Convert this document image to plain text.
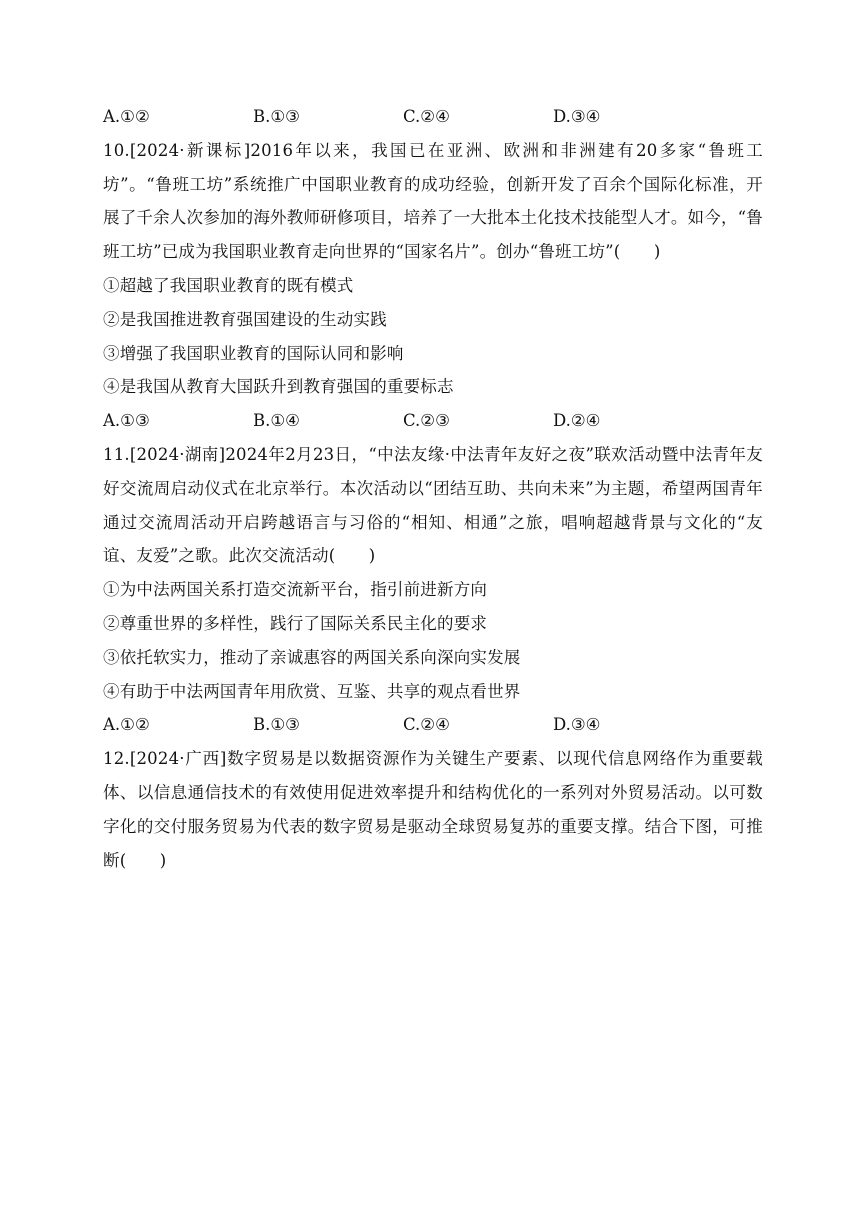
A.①②	B.①③	C.②④	D.③④
10.[2024·新课标]2016年以来，我国已在亚洲、欧洲和非洲建有20多家“鲁班工坊”。“鲁班工坊”系统推广中国职业教育的成功经验，创新开发了百余个国际化标准，开展了千余人次参加的海外教师研修项目，培养了一大批本土化技术技能型人才。如今，“鲁班工坊”已成为我国职业教育走向世界的“国家名片”。创办“鲁班工坊”(　　)
①超越了我国职业教育的既有模式
②是我国推进教育强国建设的生动实践
③增强了我国职业教育的国际认同和影响
④是我国从教育大国跃升到教育强国的重要标志
A.①③	B.①④	C.②③	D.②④
11.[2024·湖南]2024年2月23日，“中法友缘·中法青年友好之夜”联欢活动暨中法青年友好交流周启动仪式在北京举行。本次活动以“团结互助、共向未来”为主题，希望两国青年通过交流周活动开启跨越语言与习俗的“相知、相通”之旅，唱响超越背景与文化的“友谊、友爱”之歌。此次交流活动(　　)
①为中法两国关系打造交流新平台，指引前进新方向
②尊重世界的多样性，践行了国际关系民主化的要求
③依托软实力，推动了亲诚惠容的两国关系向深向实发展
④有助于中法两国青年用欣赏、互鉴、共享的观点看世界
A.①②	B.①③	C.②④	D.③④
12.[2024·广西]数字贸易是以数据资源作为关键生产要素、以现代信息网络作为重要载体、以信息通信技术的有效使用促进效率提升和结构优化的一系列对外贸易活动。以可数字化的交付服务贸易为代表的数字贸易是驱动全球贸易复苏的重要支撑。结合下图，可推断(　　)
